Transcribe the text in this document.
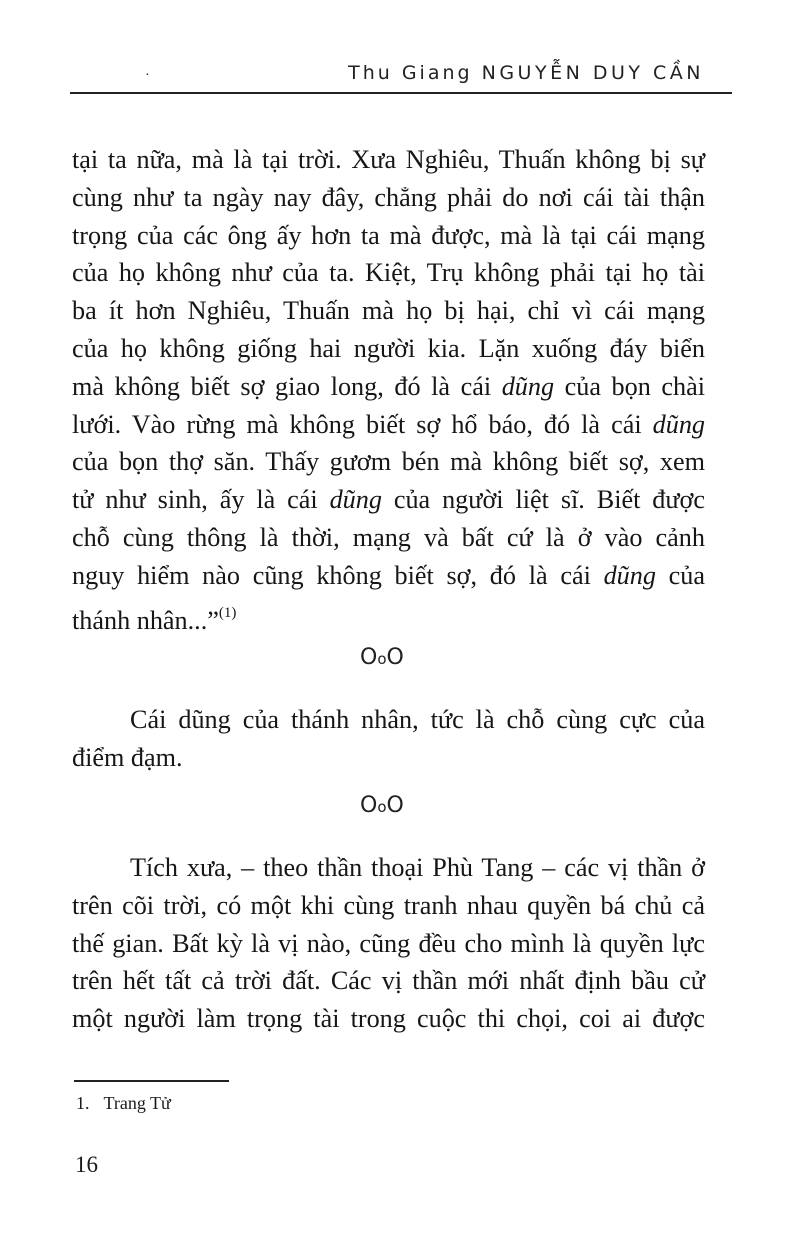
·	Thu Giang NGUYỄN DUY CẦN
tại ta nữa, mà là tại trời. Xưa Nghiêu, Thuấn không bị sự
cùng như ta ngày nay đây, chẳng phải do nơi cái tài thận
trọng của các ông ấy hơn ta mà được, mà là tại cái mạng
của họ không như của ta. Kiệt, Trụ không phải tại họ tài
ba ít hơn Nghiêu, Thuấn mà họ bị hại, chỉ vì cái mạng
của họ không giống hai người kia. Lặn xuống đáy biển
mà không biết sợ giao long, đó là cái dũng của bọn chài
lưới. Vào rừng mà không biết sợ hổ báo, đó là cái dũng
của bọn thợ săn. Thấy gươm bén mà không biết sợ, xem
tử như sinh, ấy là cái dũng của người liệt sĩ. Biết được
chỗ cùng thông là thời, mạng và bất cứ là ở vào cảnh
nguy hiểm nào cũng không biết sợ, đó là cái dũng của
thánh nhân...”$^{(1)}$
OoO
Cái dũng của thánh nhân, tức là chỗ cùng cực của
điểm đạm.
OoO
Tích xưa, – theo thần thoại Phù Tang – các vị thần ở
trên cõi trời, có một khi cùng tranh nhau quyền bá chủ cả
thế gian. Bất kỳ là vị nào, cũng đều cho mình là quyền lực
trên hết tất cả trời đất. Các vị thần mới nhất định bầu cử
một người làm trọng tài trong cuộc thi chọi, coi ai được
1. Trang Tử
16
